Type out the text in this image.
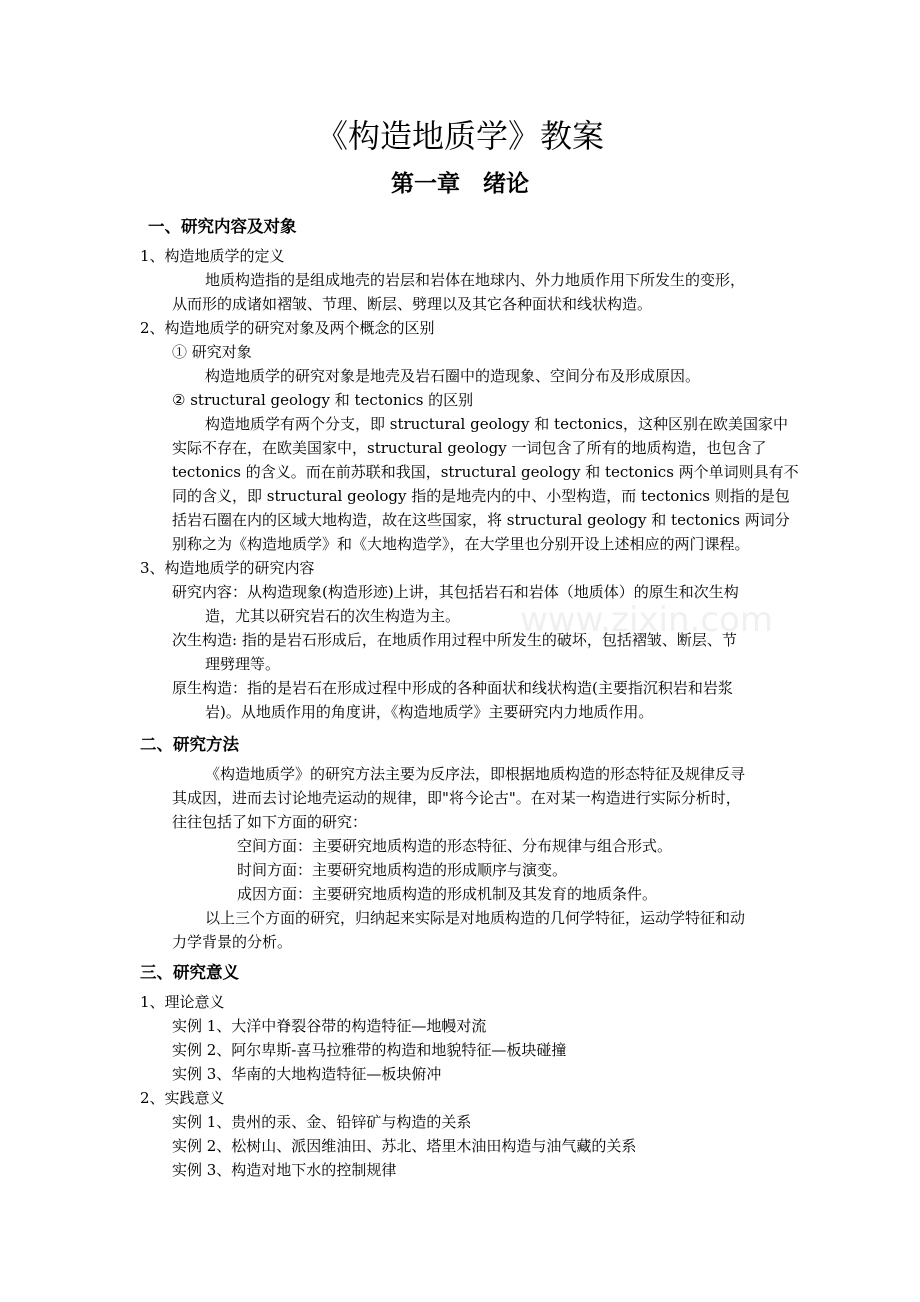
www.zixin.com
《构造地质学》教案
第一章　绪论
一、研究内容及对象
1、构造地质学的定义
地质构造指的是组成地壳的岩层和岩体在地球内、外力地质作用下所发生的变形，
从而形的成诸如褶皱、节理、断层、劈理以及其它各种面状和线状构造。
2、构造地质学的研究对象及两个概念的区别
① 研究对象
构造地质学的研究对象是地壳及岩石圈中的造现象、空间分布及形成原因。
② structural geology 和 tectonics 的区别
构造地质学有两个分支，即 structural geology 和 tectonics，这种区别在欧美国家中
实际不存在，在欧美国家中，structural geology 一词包含了所有的地质构造，也包含了
tectonics 的含义。而在前苏联和我国，structural geology 和 tectonics 两个单词则具有不
同的含义，即 structural geology 指的是地壳内的中、小型构造，而 tectonics 则指的是包
括岩石圈在内的区域大地构造，故在这些国家，将 structural geology 和 tectonics 两词分
别称之为《构造地质学》和《大地构造学》，在大学里也分别开设上述相应的两门课程。
3、构造地质学的研究内容
研究内容：从构造现象(构造形迹)上讲，其包括岩石和岩体（地质体）的原生和次生构
造，尤其以研究岩石的次生构造为主。
次生构造: 指的是岩石形成后，在地质作用过程中所发生的破坏，包括褶皱、断层、节
理劈理等。
原生构造：指的是岩石在形成过程中形成的各种面状和线状构造(主要指沉积岩和岩浆
岩)。从地质作用的角度讲，《构造地质学》主要研究内力地质作用。
二、研究方法
《构造地质学》的研究方法主要为反序法，即根据地质构造的形态特征及规律反寻
其成因，进而去讨论地壳运动的规律，即"将今论古"。在对某一构造进行实际分析时，
往往包括了如下方面的研究：
空间方面：主要研究地质构造的形态特征、分布规律与组合形式。
时间方面：主要研究地质构造的形成顺序与演变。
成因方面：主要研究地质构造的形成机制及其发育的地质条件。
以上三个方面的研究，归纳起来实际是对地质构造的几何学特征，运动学特征和动
力学背景的分析。
三、研究意义
1、理论意义
实例 1、大洋中脊裂谷带的构造特征—地幔对流
实例 2、阿尔卑斯-喜马拉雅带的构造和地貌特征—板块碰撞
实例 3、华南的大地构造特征—板块俯冲
2、实践意义
实例 1、贵州的汞、金、铅锌矿与构造的关系
实例 2、松树山、派因维油田、苏北、塔里木油田构造与油气藏的关系
实例 3、构造对地下水的控制规律
